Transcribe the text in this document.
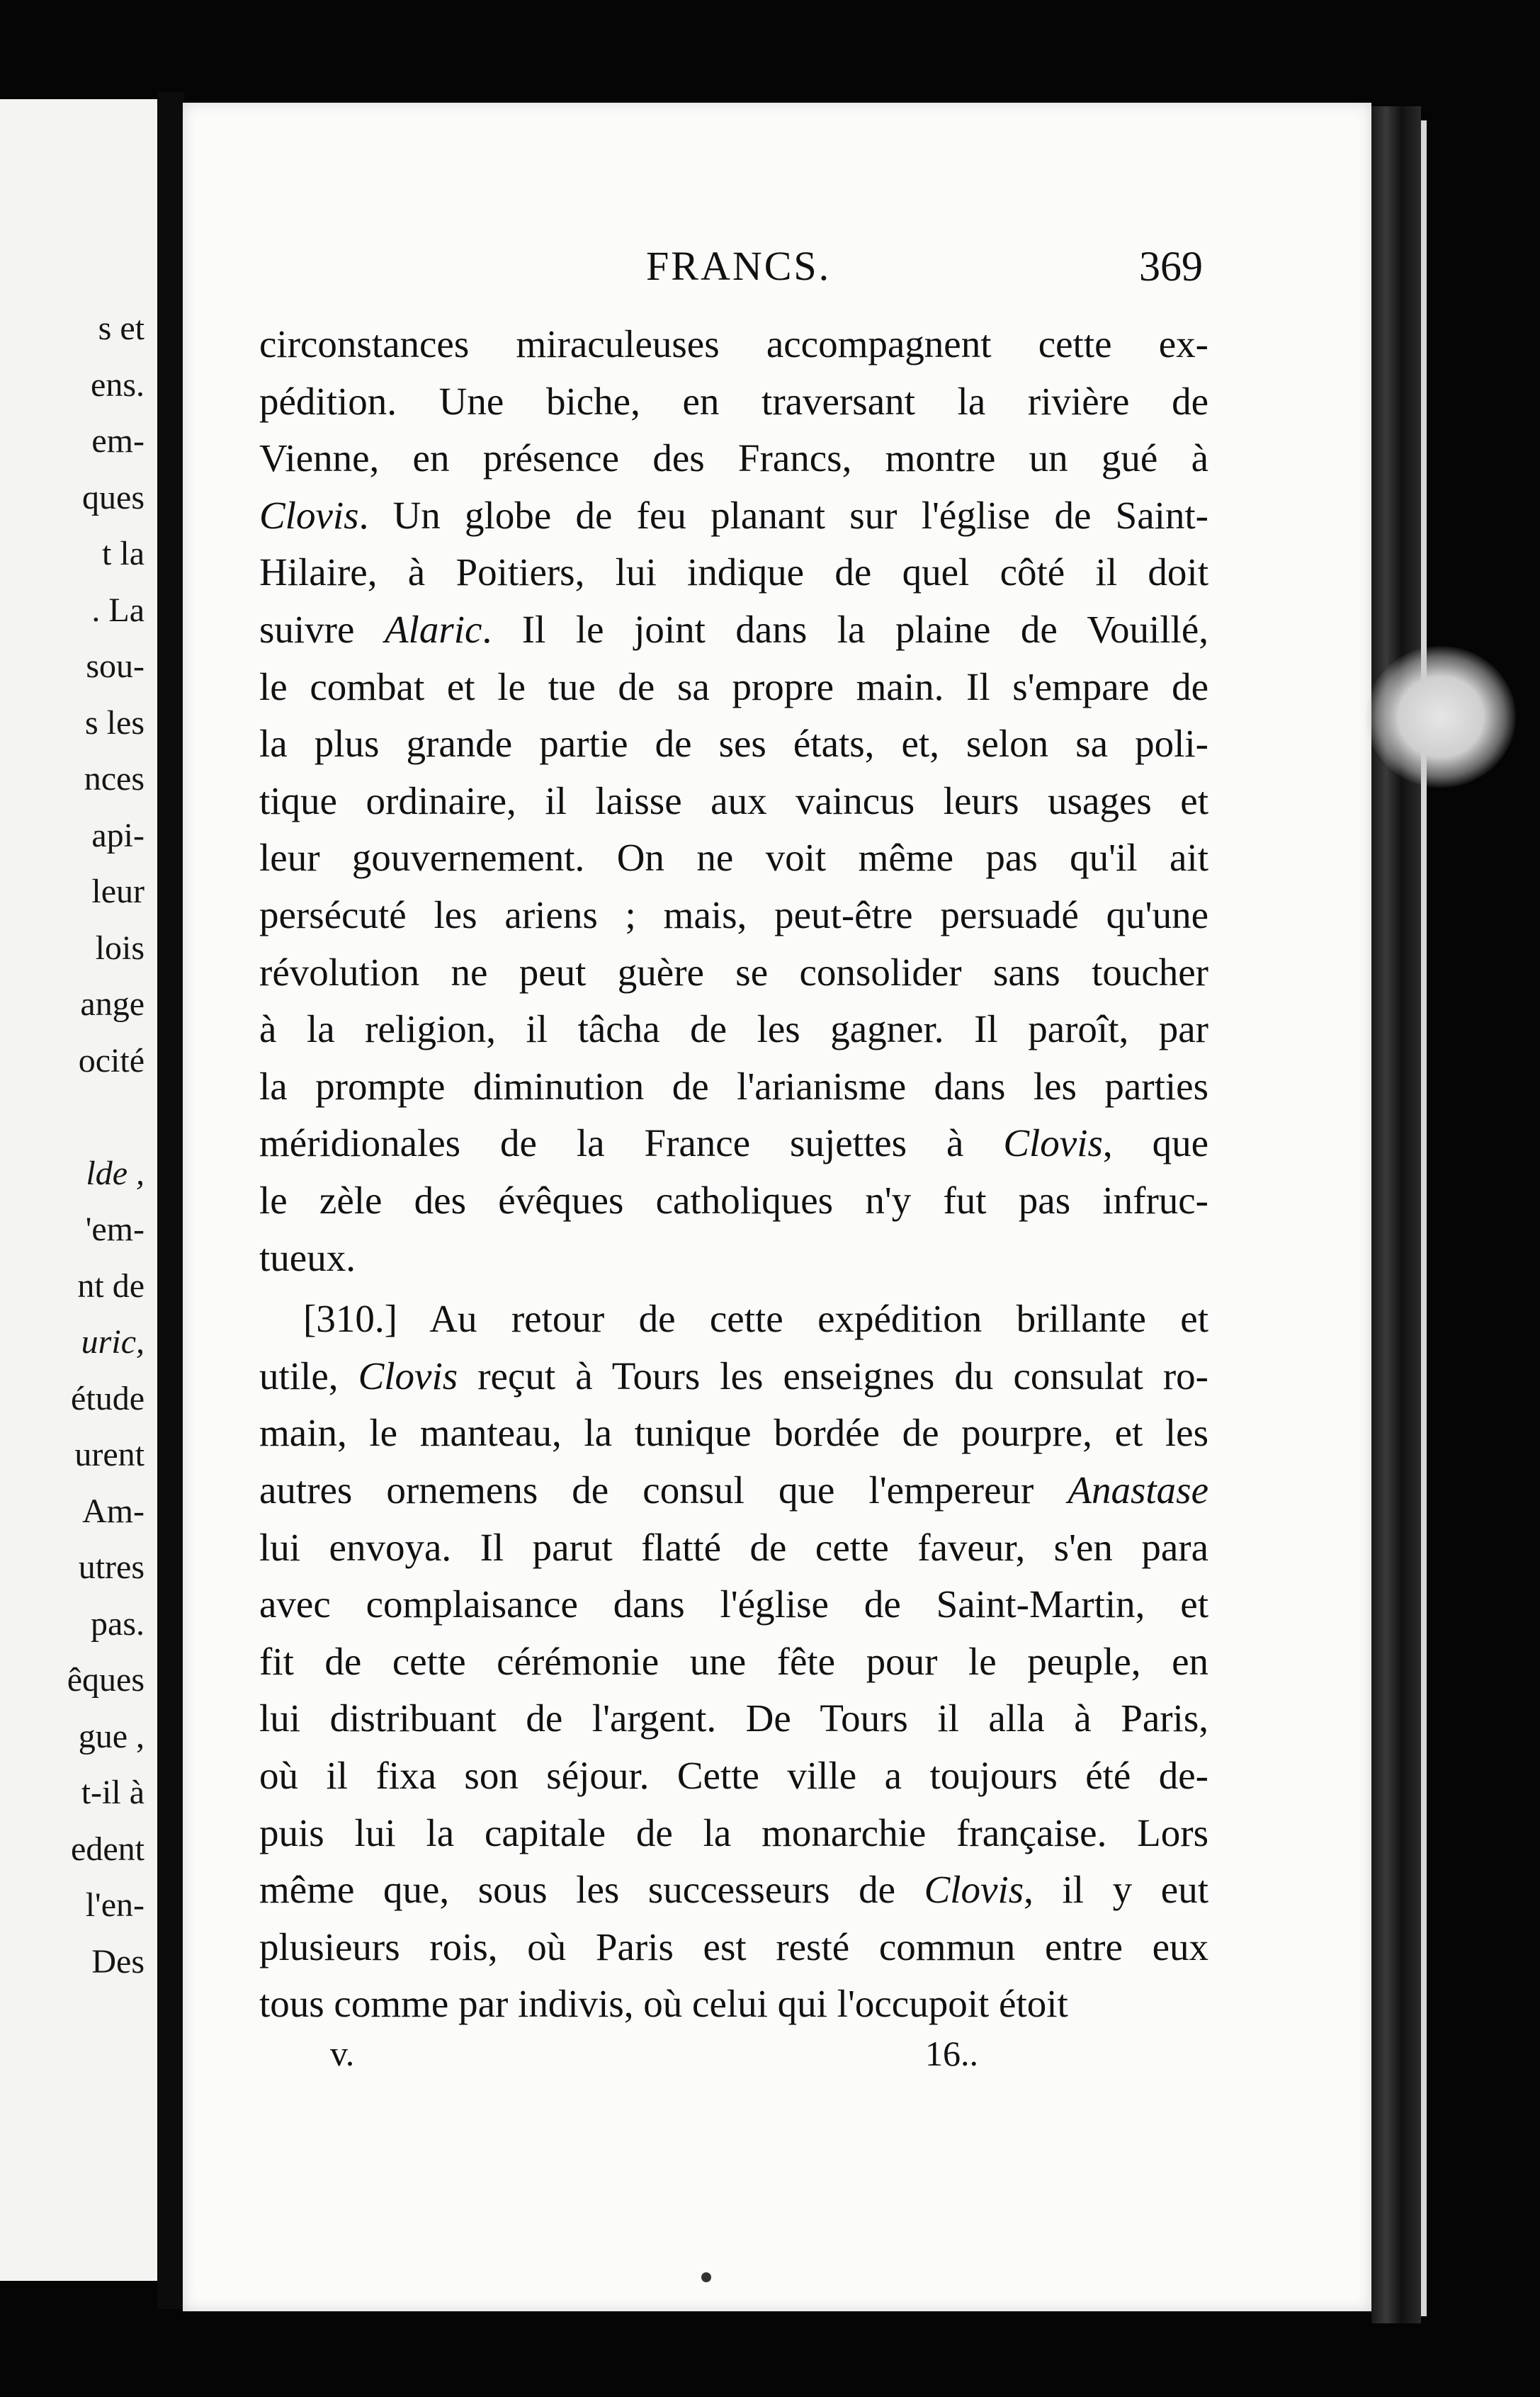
s et
ens.
em-
ques
t la
. La
sou-
s les
nces
api-
leur
lois
ange
ocité
lde ,
'em-
nt de
uric,
étude
urent
Am-
utres
pas.
êques
gue ,
t-il à
edent
l'en-
Des
FRANCS.	369
circonstances miraculeuses accompagnent cette ex-
pédition. Une biche, en traversant la rivière de
Vienne, en présence des Francs, montre un gué à
Clovis. Un globe de feu planant sur l'église de Saint-
Hilaire, à Poitiers, lui indique de quel côté il doit
suivre Alaric. Il le joint dans la plaine de Vouillé,
le combat et le tue de sa propre main. Il s'empare de
la plus grande partie de ses états, et, selon sa poli-
tique ordinaire, il laisse aux vaincus leurs usages et
leur gouvernement. On ne voit même pas qu'il ait
persécuté les ariens ; mais, peut-être persuadé qu'une
révolution ne peut guère se consolider sans toucher
à la religion, il tâcha de les gagner. Il paroît, par
la prompte diminution de l'arianisme dans les parties
méridionales de la France sujettes à Clovis, que
le zèle des évêques catholiques n'y fut pas infruc-
tueux.
[310.] Au retour de cette expédition brillante et
utile, Clovis reçut à Tours les enseignes du consulat ro-
main, le manteau, la tunique bordée de pourpre, et les
autres ornemens de consul que l'empereur Anastase
lui envoya. Il parut flatté de cette faveur, s'en para
avec complaisance dans l'église de Saint-Martin, et
fit de cette cérémonie une fête pour le peuple, en
lui distribuant de l'argent. De Tours il alla à Paris,
où il fixa son séjour. Cette ville a toujours été de-
puis lui la capitale de la monarchie française. Lors
même que, sous les successeurs de Clovis, il y eut
plusieurs rois, où Paris est resté commun entre eux
tous comme par indivis, où celui qui l'occupoit étoit
v.	16..
